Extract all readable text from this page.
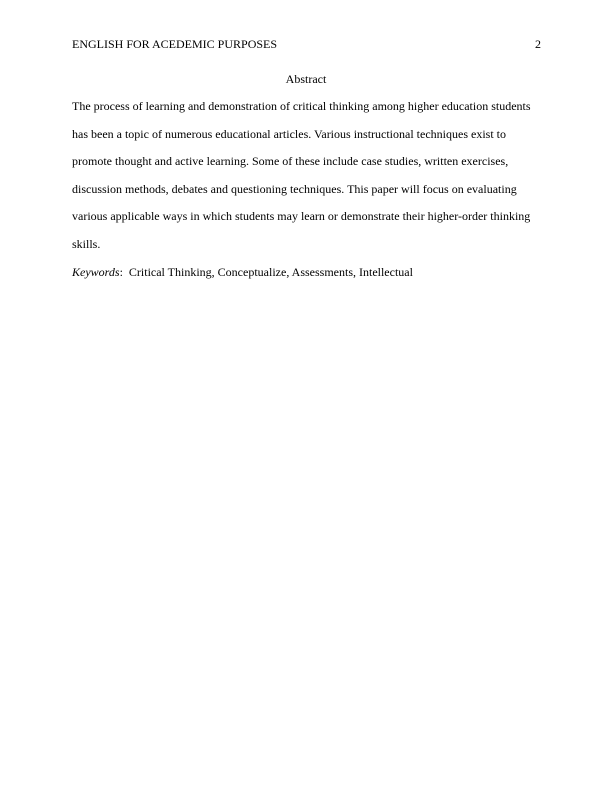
ENGLISH FOR ACEDEMIC PURPOSES	2
Abstract
The process of learning and demonstration of critical thinking among higher education students
has been a topic of numerous educational articles. Various instructional techniques exist to
promote thought and active learning. Some of these include case studies, written exercises,
discussion methods, debates and questioning techniques. This paper will focus on evaluating
various applicable ways in which students may learn or demonstrate their higher-order thinking
skills.
Keywords:  Critical Thinking, Conceptualize, Assessments, Intellectual
